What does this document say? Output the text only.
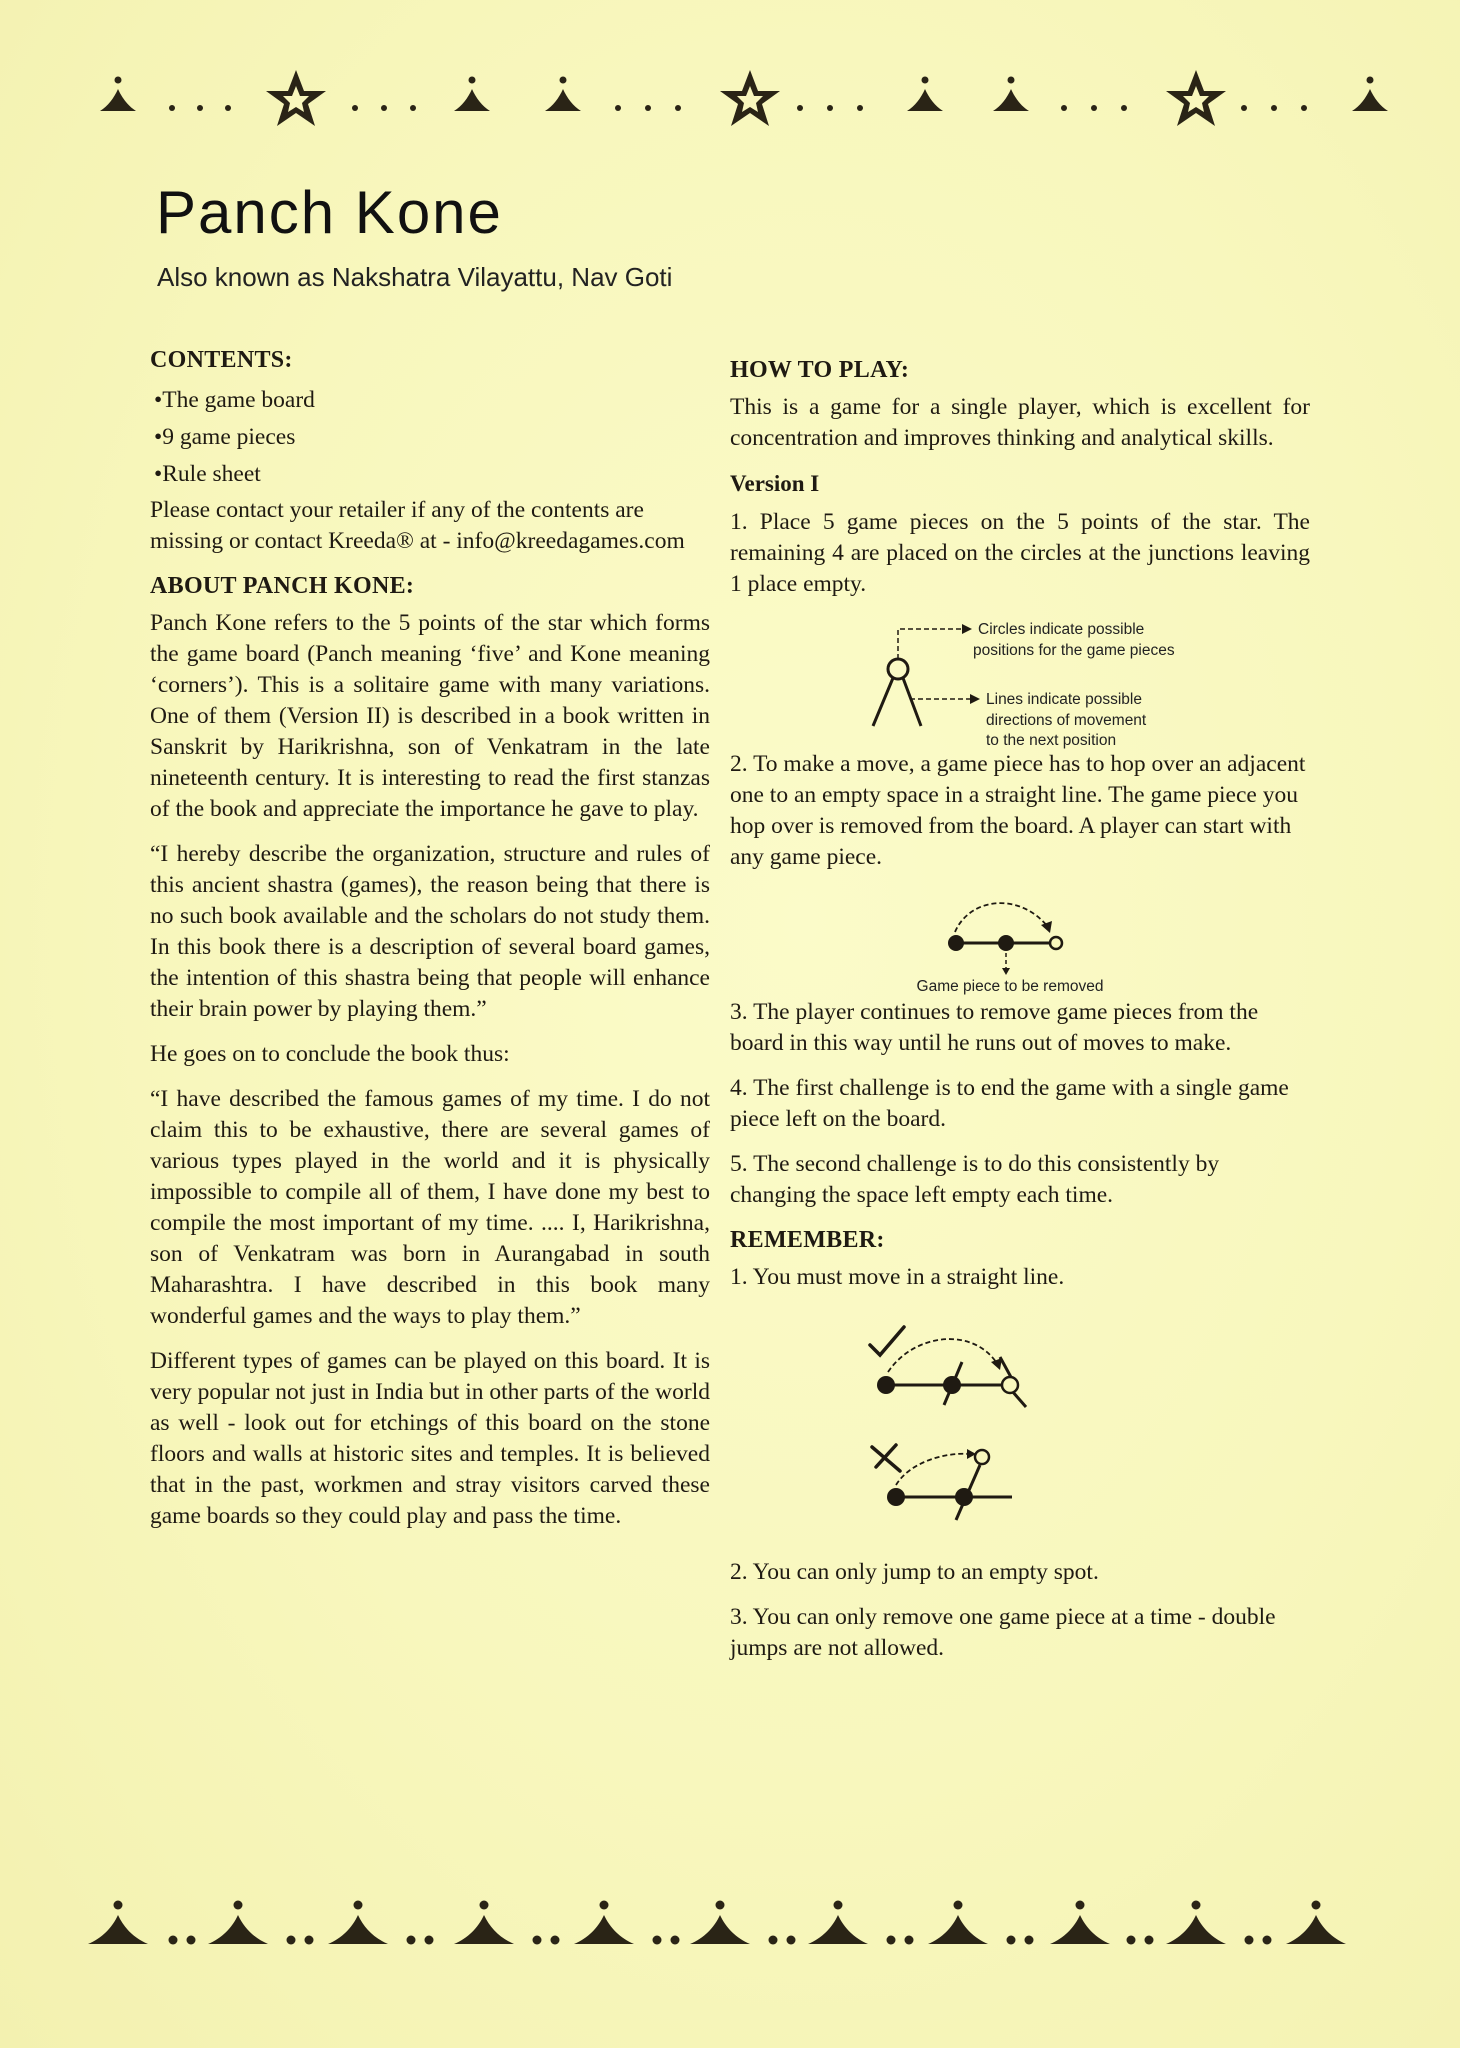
Panch Kone
Also known as Nakshatra Vilayattu, Nav Goti
CONTENTS:
• The game board
• 9 game pieces
• Rule sheet

Please contact your retailer if any of the contents are missing or contact Kreeda® at - info@kreedagames.com

ABOUT PANCH KONE:

Panch Kone refers to the 5 points of the star which forms the game board (Panch meaning ‘five’ and Kone meaning ‘corners’). This is a solitaire game with many variations. One of them (Version II) is described in a book written in Sanskrit by Harikrishna, son of Venkatram in the late nineteenth century. It is interesting to read the first stanzas of the book and appreciate the importance he gave to play.

“I hereby describe the organization, structure and rules of this ancient shastra (games), the reason being that there is no such book available and the scholars do not study them. In this book there is a description of several board games, the intention of this shastra being that people will enhance their brain power by playing them.”

He goes on to conclude the book thus:

“I have described the famous games of my time. I do not claim this to be exhaustive, there are several games of various types played in the world and it is physically impossible to compile all of them, I have done my best to compile the most important of my time. .... I, Harikrishna, son of Venkatram was born in Aurangabad in south Maharashtra. I have described in this book many wonderful games and the ways to play them.”

Different types of games can be played on this board. It is very popular not just in India but in other parts of the world as well - look out for etchings of this board on the stone floors and walls at historic sites and temples. It is believed that in the past, workmen and stray visitors carved these game boards so they could play and pass the time.

HOW TO PLAY:

This is a game for a single player, which is excellent for concentration and improves thinking and analytical skills.

Version I

1. Place 5 game pieces on the 5 points of the star. The remaining 4 are placed on the circles at the junctions leaving 1 place empty.

Circles indicate possible
positions for the game pieces
Lines indicate possible
directions of movement
to the next position

2. To make a move, a game piece has to hop over an adjacent one to an empty space in a straight line. The game piece you hop over is removed from the board. A player can start with any game piece.

Game piece to be removed

3. The player continues to remove game pieces from the board in this way until he runs out of moves to make.

4. The first challenge is to end the game with a single game piece left on the board.

5. The second challenge is to do this consistently by changing the space left empty each time.

REMEMBER:

1. You must move in a straight line.

2. You can only jump to an empty spot.

3. You can only remove one game piece at a time - double jumps are not allowed.
